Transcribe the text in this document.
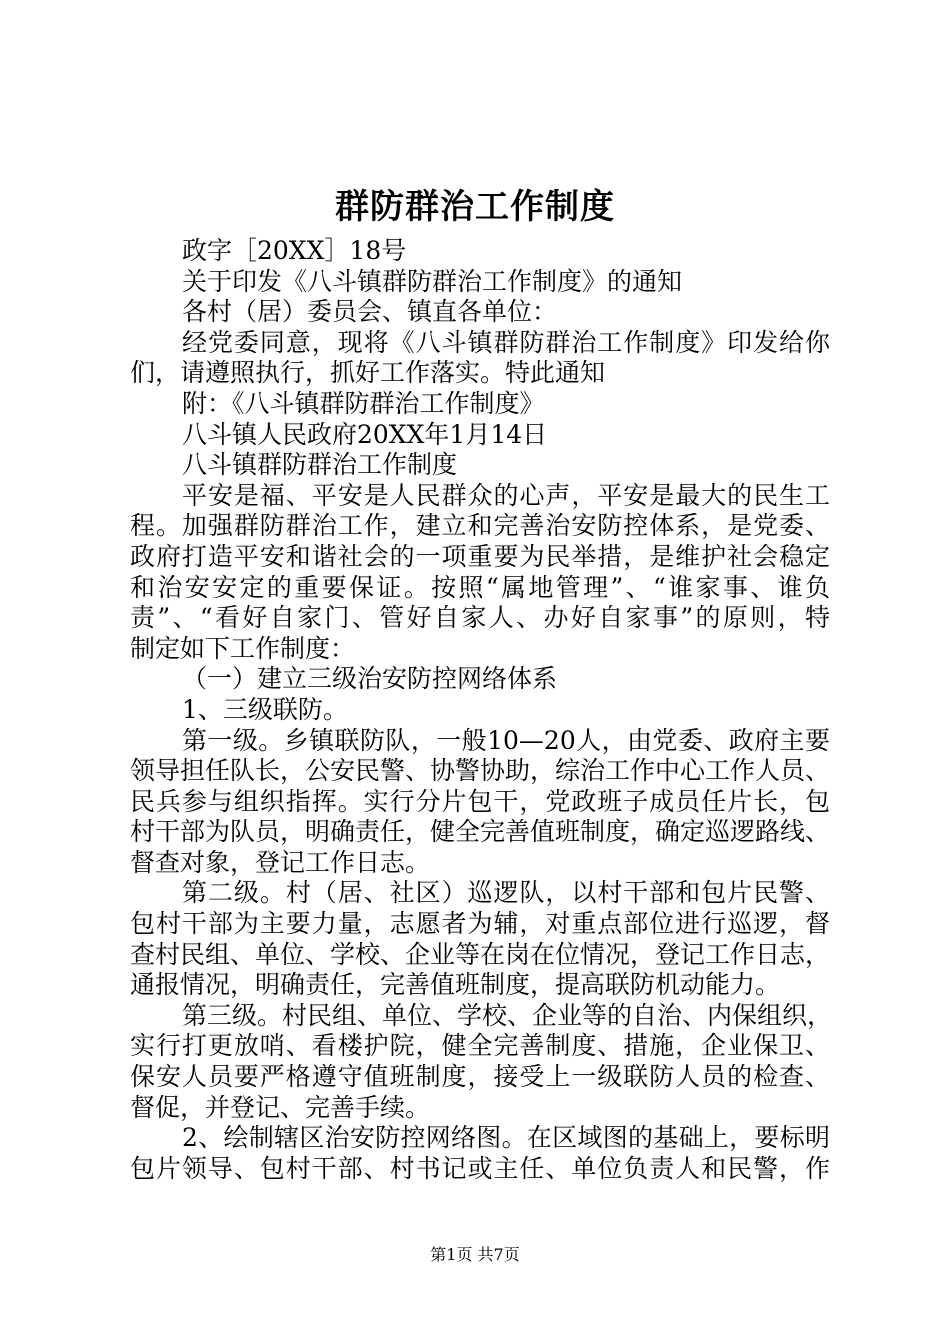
群防群治工作制度
政字［20XX］18号
关于印发《八斗镇群防群治工作制度》的通知
各村（居）委员会、镇直各单位：
经党委同意，现将《八斗镇群防群治工作制度》印发给你
们，请遵照执行，抓好工作落实。特此通知
附：《八斗镇群防群治工作制度》
八斗镇人民政府20XX年1月14日
八斗镇群防群治工作制度
平安是福、平安是人民群众的心声，平安是最大的民生工
程。加强群防群治工作，建立和完善治安防控体系，是党委、
政府打造平安和谐社会的一项重要为民举措，是维护社会稳定
和治安安定的重要保证。按照“属地管理”、“谁家事、谁负
责”、“看好自家门、管好自家人、办好自家事”的原则，特
制定如下工作制度：
（一）建立三级治安防控网络体系
1、三级联防。
第一级。乡镇联防队，一般10—20人，由党委、政府主要
领导担任队长，公安民警、协警协助，综治工作中心工作人员、
民兵参与组织指挥。实行分片包干，党政班子成员任片长，包
村干部为队员，明确责任，健全完善值班制度，确定巡逻路线、
督查对象，登记工作日志。
第二级。村（居、社区）巡逻队，以村干部和包片民警、
包村干部为主要力量，志愿者为辅，对重点部位进行巡逻，督
查村民组、单位、学校、企业等在岗在位情况，登记工作日志，
通报情况，明确责任，完善值班制度，提高联防机动能力。
第三级。村民组、单位、学校、企业等的自治、内保组织，
实行打更放哨、看楼护院，健全完善制度、措施，企业保卫、
保安人员要严格遵守值班制度，接受上一级联防人员的检查、
督促，并登记、完善手续。
2、绘制辖区治安防控网络图。在区域图的基础上，要标明
包片领导、包村干部、村书记或主任、单位负责人和民警，作
第1页 共7页
